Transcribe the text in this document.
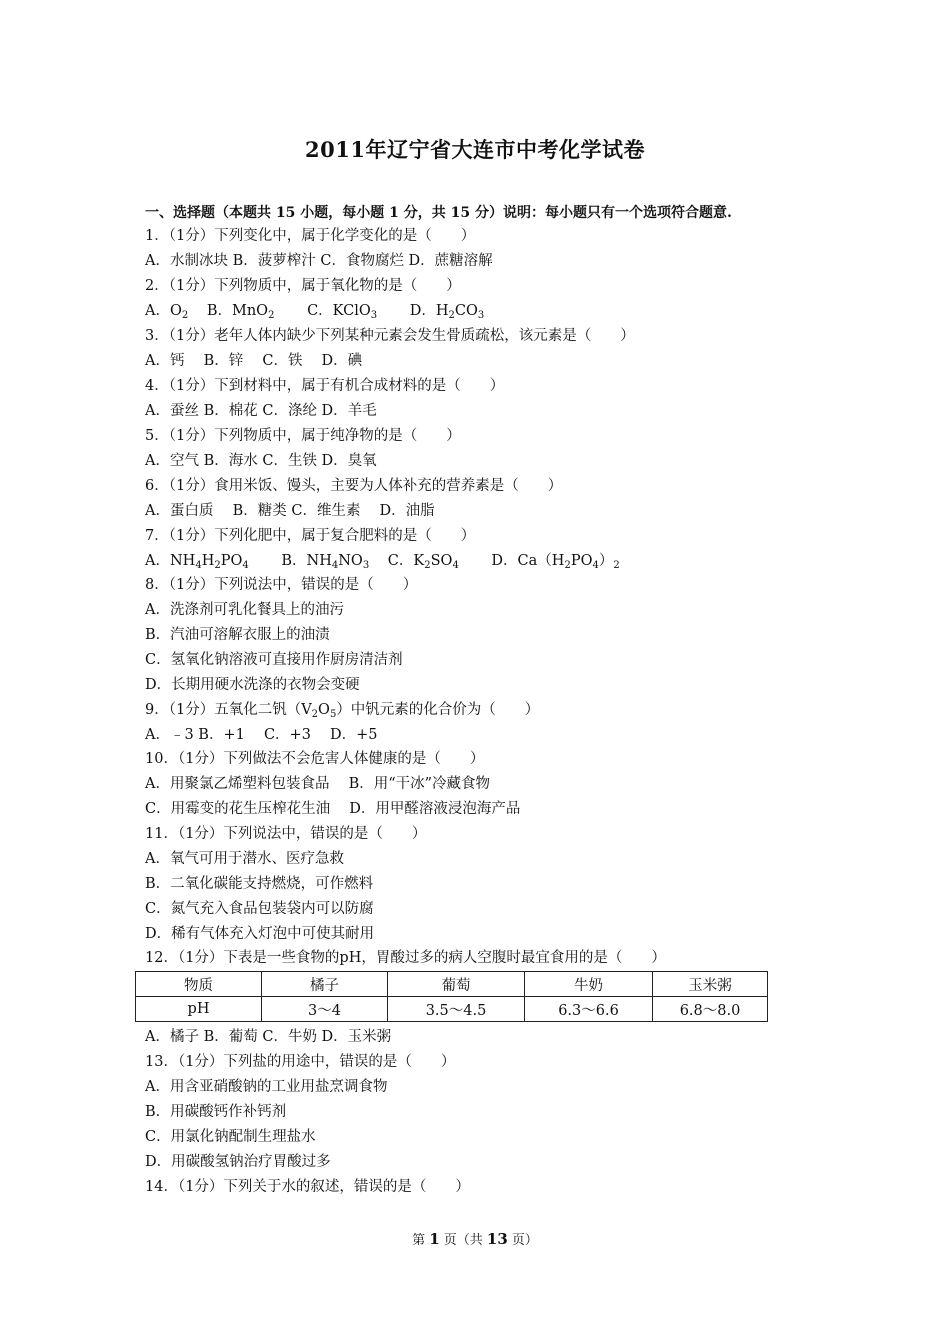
2011年辽宁省大连市中考化学试卷
一、选择题（本题共 15 小题，每小题 1 分，共 15 分）说明：每小题只有一个选项符合题意.
1．（1分）下列变化中，属于化学变化的是（　　）
A．水制冰块 B．菠萝榨汁 C．食物腐烂 D．蔗糖溶解
2．（1分）下列物质中，属于氧化物的是（　　）
A．$O_2$ B．MnO$_2$ C．KClO$_3$ D．$H_2CO_3$
3．（1分）老年人体内缺少下列某种元素会发生骨质疏松，该元素是（　　）
A．钙　 B．锌　 C．铁　 D．碘
4．（1分）下到材料中，属于有机合成材料的是（　　）
A．蚕丝 B．棉花 C．涤纶 D．羊毛
5．（1分）下列物质中，属于纯净物的是（　　）
A．空气 B．海水 C．生铁 D．臭氧
6．（1分）食用米饭、馒头，主要为人体补充的营养素是（　　）
A．蛋白质　 B．糖类 C．维生素　 D．油脂
7．（1分）下列化肥中，属于复合肥料的是（　　）
A．$NH_4H_2PO_4$ B．$NH_4NO_3$ C．$K_2SO_4$ D．$Ca(H_2PO_4)_2$
8．（1分）下列说法中，错误的是（　　）
A．洗涤剂可乳化餐具上的油污
B．汽油可溶解衣服上的油渍
C．氢氧化钠溶液可直接用作厨房清洁剂
D．长期用硬水洗涤的衣物会变硬
9．（1分）五氧化二钒$(V_2O_5)$中钒元素的化合价为（　　）
A．﹣3 B．+1　 C．+3　 D．+5
10．（1分）下列做法不会危害人体健康的是（　　）
A．用聚氯乙烯塑料包装食品　 B．用“干冰”冷藏食物
C．用霉变的花生压榨花生油　 D．用甲醛溶液浸泡海产品
11．（1分）下列说法中，错误的是（　　）
A．氧气可用于潜水、医疗急救
B．二氧化碳能支持燃烧，可作燃料
C．氮气充入食品包装袋内可以防腐
D．稀有气体充入灯泡中可使其耐用
12．（1分）下表是一些食物的pH，胃酸过多的病人空腹时最宜食用的是（　　）
物质	橘子	葡萄	牛奶	玉米粥
pH	3～4	3.5～4.5	6.3～6.6	6.8～8.0
A．橘子 B．葡萄 C．牛奶 D．玉米粥
13．（1分）下列盐的用途中，错误的是（　　）
A．用含亚硝酸钠的工业用盐烹调食物
B．用碳酸钙作补钙剂
C．用氯化钠配制生理盐水
D．用碳酸氢钠治疗胃酸过多
14．（1分）下列关于水的叙述，错误的是（　　）
第 1 页（共 13 页）
